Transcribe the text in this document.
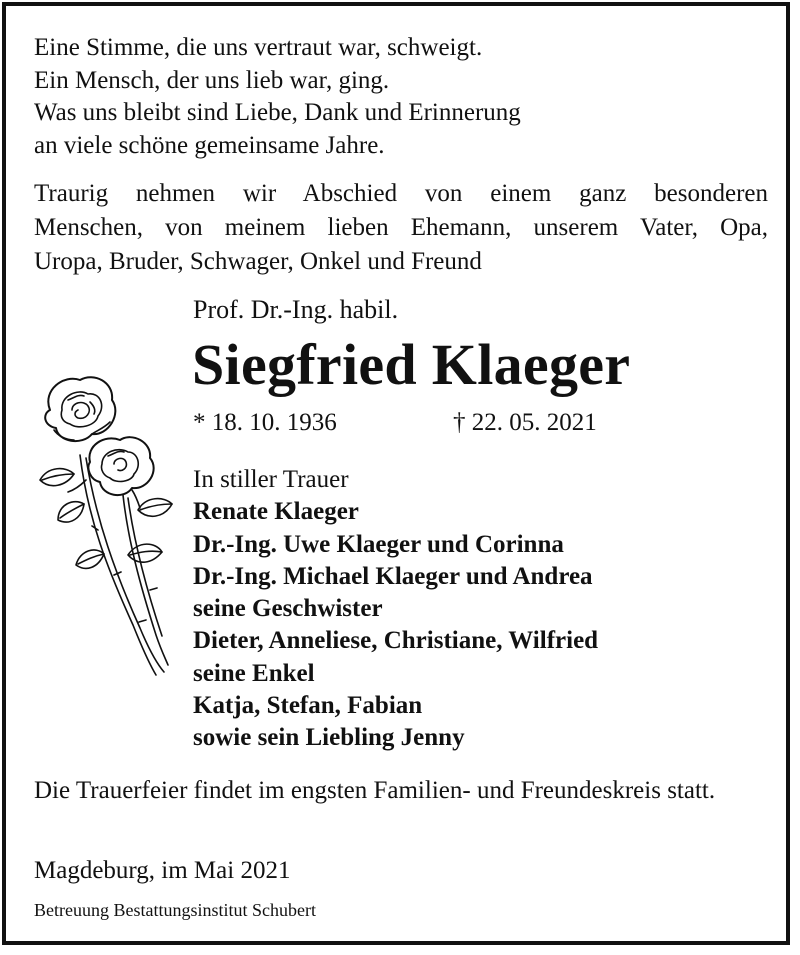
Eine Stimme, die uns vertraut war, schweigt.
Ein Mensch, der uns lieb war, ging.
Was uns bleibt sind Liebe, Dank und Erinnerung
an viele schöne gemeinsame Jahre.
Traurig nehmen wir Abschied von einem ganz besonderen
Menschen, von meinem lieben Ehemann, unserem Vater, Opa,
Uropa, Bruder, Schwager, Onkel und Freund
Prof. Dr.-Ing. habil.
Siegfried Klaeger
* 18. 10. 1936	† 22. 05. 2021
In stiller Trauer
Renate Klaeger
Dr.-Ing. Uwe Klaeger und Corinna
Dr.-Ing. Michael Klaeger und Andrea
seine Geschwister
Dieter, Anneliese, Christiane, Wilfried
seine Enkel
Katja, Stefan, Fabian
sowie sein Liebling Jenny
Die Trauerfeier findet im engsten Familien- und Freundeskreis statt.
Magdeburg, im Mai 2021
Betreuung Bestattungsinstitut Schubert
